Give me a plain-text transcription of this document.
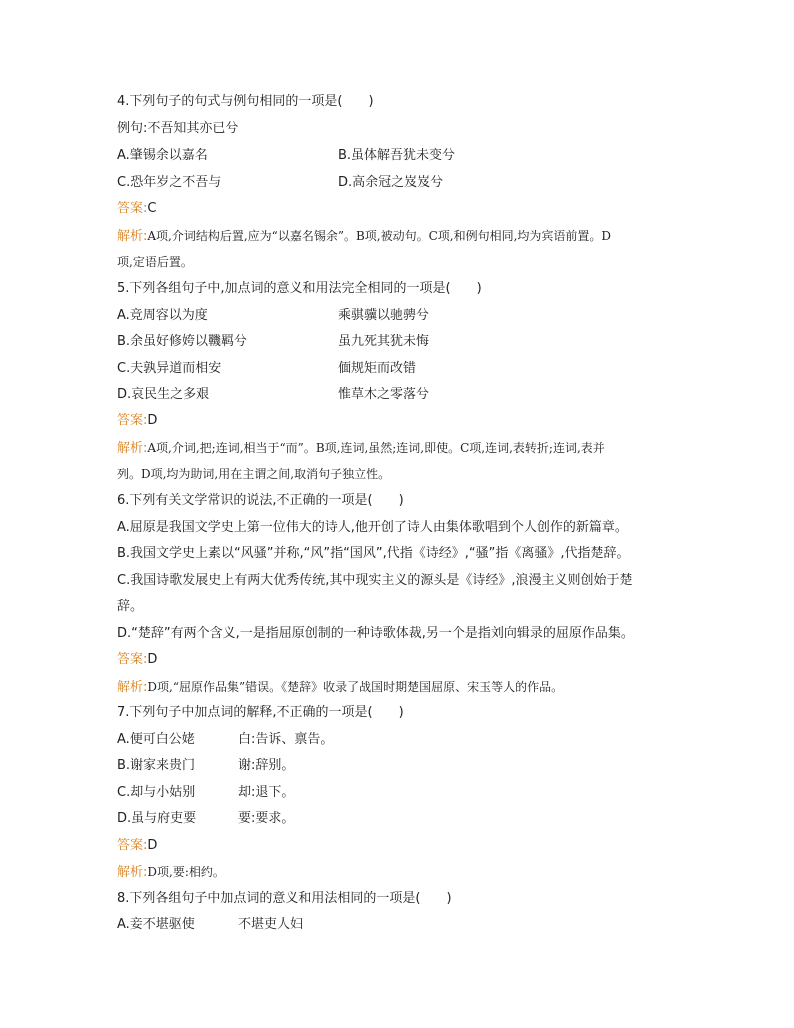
4.下列句子的句式与例句相同的一项是(　　)
例句:不吾知其亦已兮
A.肇锡余以嘉名	B.虽体解吾犹未变兮
C.恐年岁之不吾与	D.高余冠之岌岌兮
答案:C
解析:A项,介词结构后置,应为“以嘉名锡余”。B项,被动句。C项,和例句相同,均为宾语前置。D
项,定语后置。
5.下列各组句子中,加点词的意义和用法完全相同的一项是(　　)
A.竞周容以为度	乘骐骥以驰骋兮
B.余虽好修姱以鞿羁兮	虽九死其犹未悔
C.夫孰异道而相安	偭规矩而改错
D.哀民生之多艰	惟草木之零落兮
答案:D
解析:A项,介词,把;连词,相当于“而”。B项,连词,虽然;连词,即使。C项,连词,表转折;连词,表并
列。D项,均为助词,用在主谓之间,取消句子独立性。
6.下列有关文学常识的说法,不正确的一项是(　　)
A.屈原是我国文学史上第一位伟大的诗人,他开创了诗人由集体歌唱到个人创作的新篇章。
B.我国文学史上素以“风骚”并称,“风”指“国风”,代指《诗经》,“骚”指《离骚》,代指楚辞。
C.我国诗歌发展史上有两大优秀传统,其中现实主义的源头是《诗经》,浪漫主义则创始于楚
辞。
D.“楚辞”有两个含义,一是指屈原创制的一种诗歌体裁,另一个是指刘向辑录的屈原作品集。
答案:D
解析:D项,“屈原作品集”错误。《楚辞》收录了战国时期楚国屈原、宋玉等人的作品。
7.下列句子中加点词的解释,不正确的一项是(　　)
A.便可白公姥	白:告诉、禀告。
B.谢家来贵门	谢:辞别。
C.却与小姑别	却:退下。
D.虽与府吏要	要:要求。
答案:D
解析:D项,要:相约。
8.下列各组句子中加点词的意义和用法相同的一项是(　　)
A.妾不堪驱使	不堪吏人妇
